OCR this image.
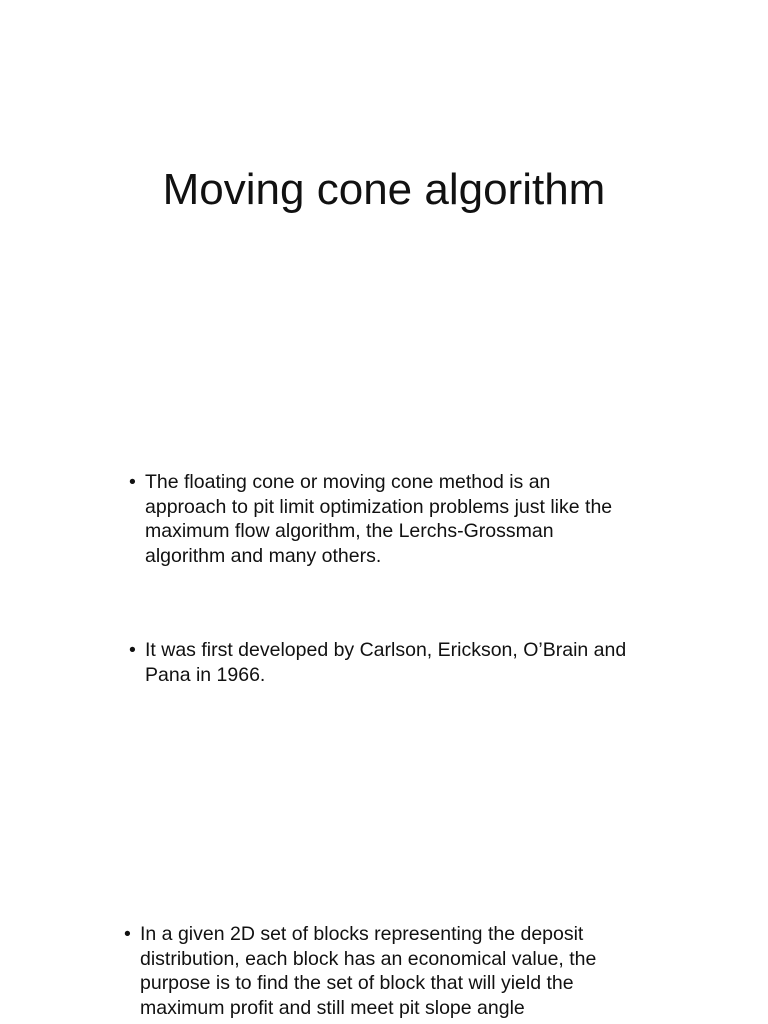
Moving cone algorithm
• The floating cone or moving cone method is an approach to pit limit optimization problems just like the maximum flow algorithm, the Lerchs-Grossman algorithm and many others.
• It was first developed by Carlson, Erickson, O’Brain and Pana in 1966.
• In a given 2D set of blocks representing the deposit distribution, each block has an economical value, the purpose is to find the set of block that will yield the maximum profit and still meet pit slope angle
